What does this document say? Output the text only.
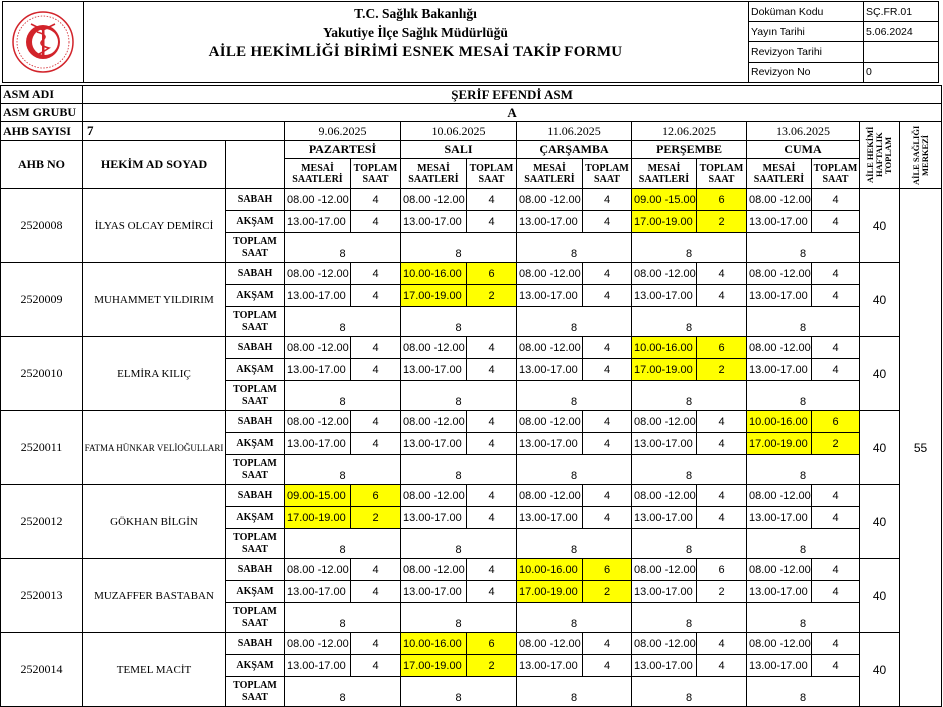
T.C. Sağlık Bakanlığı
Yakutiye İlçe Sağlık Müdürlüğü
AİLE HEKİMLİĞİ BİRİMİ ESNEK MESAİ TAKİP FORMU
Doküman Kodu	SÇ.FR.01
Yayın Tarihi	5.06.2024
Revizyon Tarihi	
Revizyon No	0
ASM ADI	ŞERİF EFENDİ ASM													
ASM GRUBU	A													
AHB SAYISI	7		9.06.2025		10.06.2025		11.06.2025		12.06.2025		13.06.2025		AİLE HEKİMİ HAFTALIK TOPLAM	AİLE SAĞLIĞI MERKEZİ

AHB NO	HEKİM AD SOYAD		PAZARTESİ		SALI		ÇARŞAMBA		PERŞEMBE		CUMA			
			MESAİ SAATLERİ	TOPLAM SAAT	MESAİ SAATLERİ	TOPLAM SAAT	MESAİ SAATLERİ	TOPLAM SAAT	MESAİ SAATLERİ	TOPLAM SAAT	MESAİ SAATLERİ	TOPLAM SAAT		
2520008	İLYAS OLCAY DEMİRCİ	SABAH	08.00 -12.00	4	08.00 -12.00	4	08.00 -12.00	4	09.00 -15.00	6	08.00 -12.00	4	40	55
		AKŞAM	13.00-17.00	4	13.00-17.00	4	13.00-17.00	4	17.00-19.00	2	13.00-17.00	4		
		TOPLAM SAAT	8		8		8		8		8			
2520009	MUHAMMET YILDIRIM	SABAH	08.00 -12.00	4	10.00-16.00	6	08.00 -12.00	4	08.00 -12.00	4	08.00 -12.00	4	40	
		AKŞAM	13.00-17.00	4	17.00-19.00	2	13.00-17.00	4	13.00-17.00	4	13.00-17.00	4		
		TOPLAM SAAT	8		8		8		8		8			
2520010	ELMİRA KILIÇ	SABAH	08.00 -12.00	4	08.00 -12.00	4	08.00 -12.00	4	10.00-16.00	6	08.00 -12.00	4	40	
		AKŞAM	13.00-17.00	4	13.00-17.00	4	13.00-17.00	4	17.00-19.00	2	13.00-17.00	4		
		TOPLAM SAAT	8		8		8		8		8			
2520011	FATMA HÜNKAR VELİOĞULLARI	SABAH	08.00 -12.00	4	08.00 -12.00	4	08.00 -12.00	4	08.00 -12.00	4	10.00-16.00	6	40	
		AKŞAM	13.00-17.00	4	13.00-17.00	4	13.00-17.00	4	13.00-17.00	4	17.00-19.00	2		
		TOPLAM SAAT	8		8		8		8		8			
2520012	GÖKHAN BİLGİN	SABAH	09.00-15.00	6	08.00 -12.00	4	08.00 -12.00	4	08.00 -12.00	4	08.00 -12.00	4	40	
		AKŞAM	17.00-19.00	2	13.00-17.00	4	13.00-17.00	4	13.00-17.00	4	13.00-17.00	4		
		TOPLAM SAAT	8		8		8		8		8			
2520013	MUZAFFER BASTABAN	SABAH	08.00 -12.00	4	08.00 -12.00	4	10.00-16.00	6	08.00 -12.00	6	08.00 -12.00	4	40	
		AKŞAM	13.00-17.00	4	13.00-17.00	4	17.00-19.00	2	13.00-17.00	2	13.00-17.00	4		
		TOPLAM SAAT	8		8		8		8		8			
2520014	TEMEL MACİT	SABAH	08.00 -12.00	4	10.00-16.00	6	08.00 -12.00	4	08.00 -12.00	4	08.00 -12.00	4	40	
		AKŞAM	13.00-17.00	4	17.00-19.00	2	13.00-17.00	4	13.00-17.00	4	13.00-17.00	4		
		TOPLAM SAAT	8		8		8		8		8			
